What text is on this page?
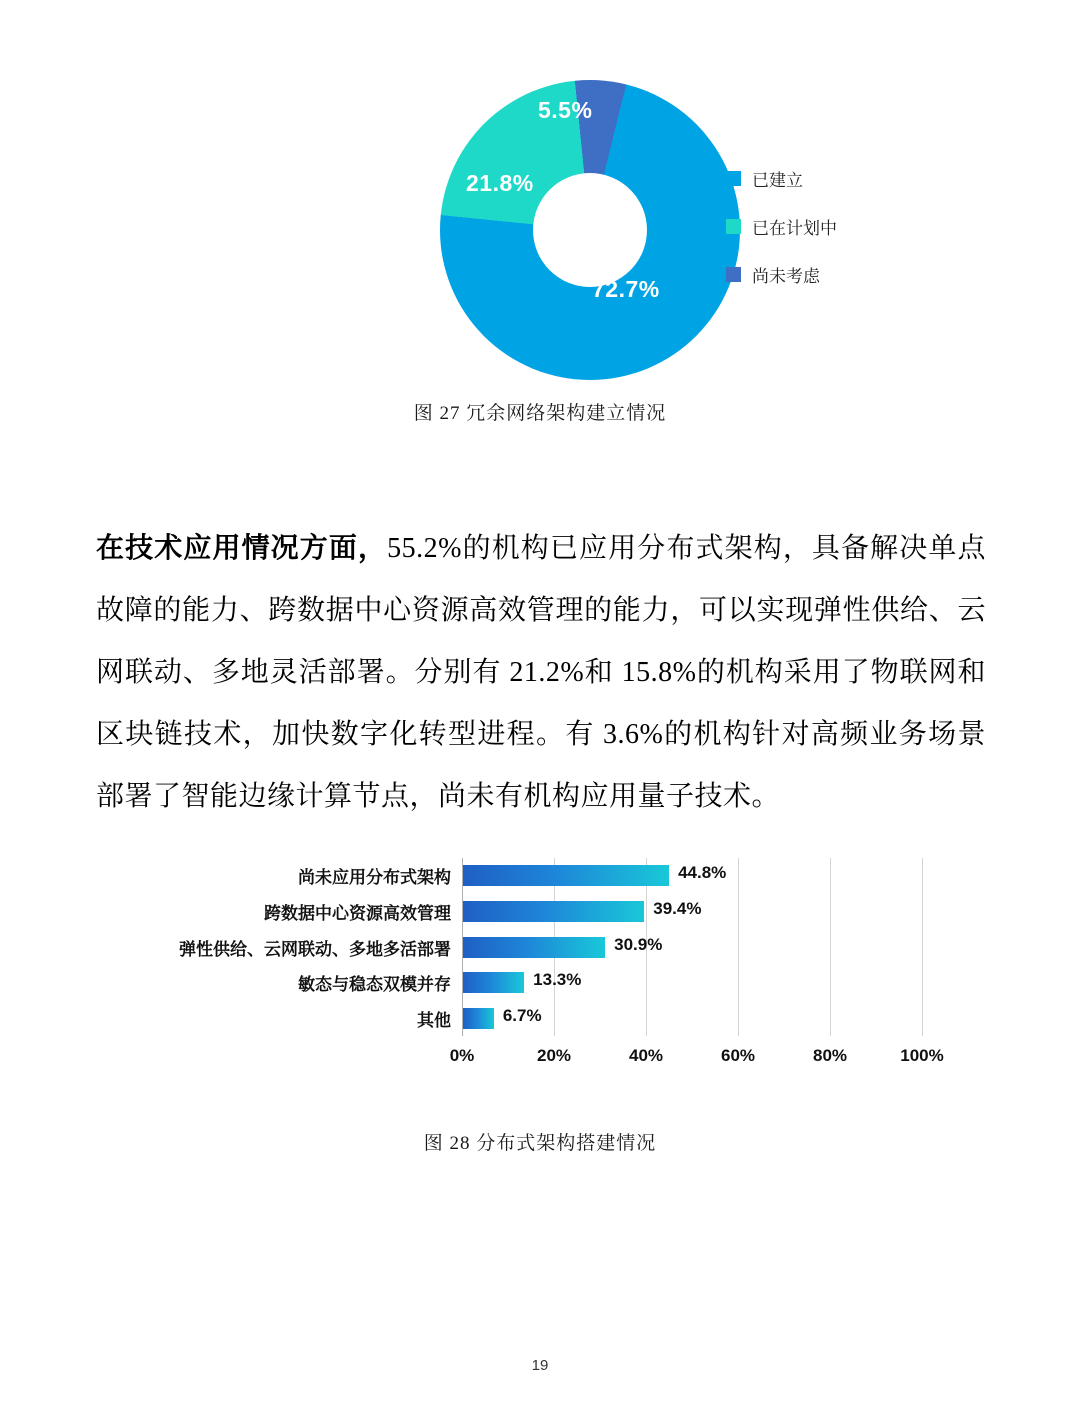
72.7%
21.8%
5.5%
已建立
已在计划中
尚未考虑
图 27 冗余网络架构建立情况

在技术应用情况方面，55.2%的机构已应用分布式架构，具备解决单点故障的能力、跨数据中心资源高效管理的能力，可以实现弹性供给、云网联动、多地灵活部署。分别有 21.2%和 15.8%的机构采用了物联网和区块链技术，加快数字化转型进程。有 3.6%的机构针对高频业务场景部署了智能边缘计算节点，尚未有机构应用量子技术。

0%	20%	40%	60%	80%	100%
尚未应用分布式架构	44.8%
跨数据中心资源高效管理	39.4%
弹性供给、云网联动、多地多活部署	30.9%
敏态与稳态双模并存	13.3%
其他	6.7%
图 28 分布式架构搭建情况
19
